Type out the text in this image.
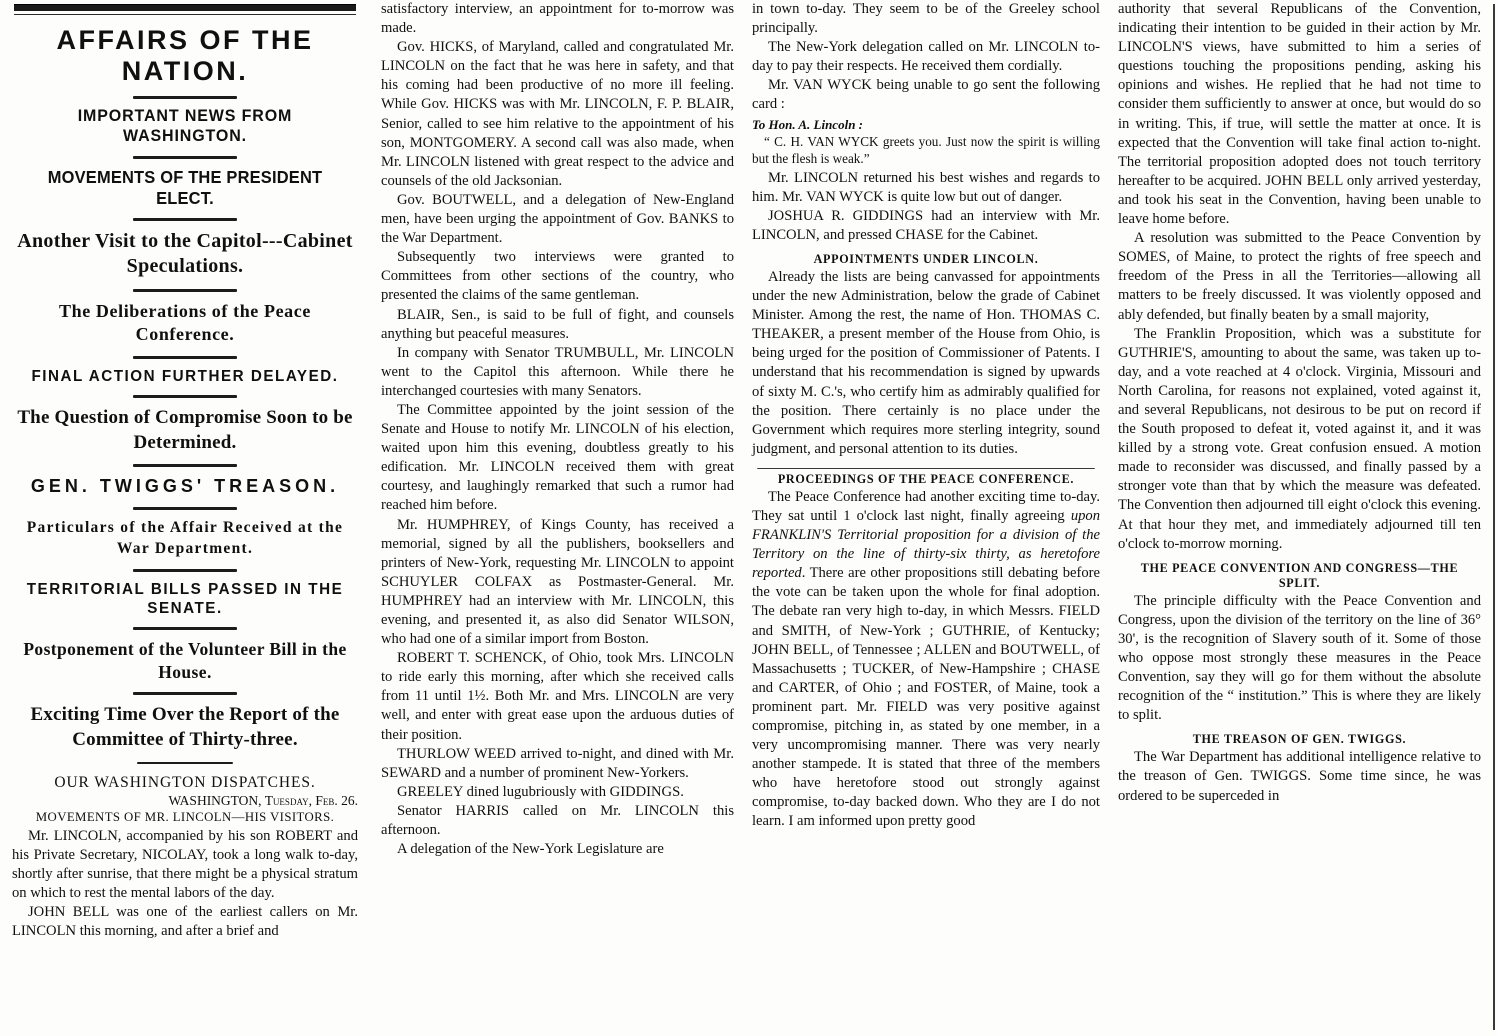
AFFAIRS OF THE NATION.
IMPORTANT NEWS FROM WASHINGTON.
MOVEMENTS OF THE PRESIDENT ELECT.
Another Visit to the Capitol---Cabinet Speculations.
The Deliberations of the Peace Conference.
FINAL ACTION FURTHER DELAYED.
The Question of Compromise Soon to be Determined.
GEN. TWIGGS' TREASON.
Particulars of the Affair Received at the War Department.
TERRITORIAL BILLS PASSED IN THE SENATE.
Postponement of the Volunteer Bill in the House.
Exciting Time Over the Report of the Committee of Thirty-three.
OUR WASHINGTON DISPATCHES.
WASHINGTON, Tuesday, Feb. 26.
MOVEMENTS OF MR. LINCOLN—HIS VISITORS.

Mr. LINCOLN, accompanied by his son ROBERT and his Private Secretary, NICOLAY, took a long walk to-day, shortly after sunrise, that there might be a physical stratum on which to rest the mental labors of the day.

JOHN BELL was one of the earliest callers on Mr. LINCOLN this morning, and after a brief and

satisfactory interview, an appointment for to-morrow was made.

Gov. HICKS, of Maryland, called and congratulated Mr. LINCOLN on the fact that he was here in safety, and that his coming had been productive of no more ill feeling. While Gov. HICKS was with Mr. LINCOLN, F. P. BLAIR, Senior, called to see him relative to the appointment of his son, MONTGOMERY. A second call was also made, when Mr. LINCOLN listened with great respect to the advice and counsels of the old Jacksonian.

Gov. BOUTWELL, and a delegation of New-England men, have been urging the appointment of Gov. BANKS to the War Department.

Subsequently two interviews were granted to Committees from other sections of the country, who presented the claims of the same gentleman.

BLAIR, Sen., is said to be full of fight, and counsels anything but peaceful measures.

In company with Senator TRUMBULL, Mr. LINCOLN went to the Capitol this afternoon. While there he interchanged courtesies with many Senators.

The Committee appointed by the joint session of the Senate and House to notify Mr. LINCOLN of his election, waited upon him this evening, doubtless greatly to his edification. Mr. LINCOLN received them with great courtesy, and laughingly remarked that such a rumor had reached him before.

Mr. HUMPHREY, of Kings County, has received a memorial, signed by all the publishers, booksellers and printers of New-York, requesting Mr. LINCOLN to appoint SCHUYLER COLFAX as Postmaster-General. Mr. HUMPHREY had an interview with Mr. LINCOLN, this evening, and presented it, as also did Senator WILSON, who had one of a similar import from Boston.

ROBERT T. SCHENCK, of Ohio, took Mrs. LINCOLN to ride early this morning, after which she received calls from 11 until 1½. Both Mr. and Mrs. LINCOLN are very well, and enter with great ease upon the arduous duties of their position.

THURLOW WEED arrived to-night, and dined with Mr. SEWARD and a number of prominent New-Yorkers.

GREELEY dined lugubriously with GIDDINGS.

Senator HARRIS called on Mr. LINCOLN this afternoon.

A delegation of the New-York Legislature are

in town to-day. They seem to be of the Greeley school principally.

The New-York delegation called on Mr. LINCOLN to-day to pay their respects. He received them cordially.

Mr. VAN WYCK being unable to go sent the following card :

To Hon. A. Lincoln :

“ C. H. VAN WYCK greets you. Just now the spirit is willing but the flesh is weak.”

Mr. LINCOLN returned his best wishes and regards to him. Mr. VAN WYCK is quite low but out of danger.

JOSHUA R. GIDDINGS had an interview with Mr. LINCOLN, and pressed CHASE for the Cabinet.

APPOINTMENTS UNDER LINCOLN.

Already the lists are being canvassed for appointments under the new Administration, below the grade of Cabinet Minister. Among the rest, the name of Hon. THOMAS C. THEAKER, a present member of the House from Ohio, is being urged for the position of Commissioner of Patents. I understand that his recommendation is signed by upwards of sixty M. C.'s, who certify him as admirably qualified for the position. There certainly is no place under the Government which requires more sterling integrity, sound judgment, and personal attention to its duties.

PROCEEDINGS OF THE PEACE CONFERENCE.

The Peace Conference had another exciting time to-day. They sat until 1 o'clock last night, finally agreeing upon FRANKLIN'S Territorial proposition for a division of the Territory on the line of thirty-six thirty, as heretofore reported. There are other propositions still debating before the vote can be taken upon the whole for final adoption. The debate ran very high to-day, in which Messrs. FIELD and SMITH, of New-York ; GUTHRIE, of Kentucky; JOHN BELL, of Tennessee ; ALLEN and BOUTWELL, of Massachusetts ; TUCKER, of New-Hampshire ; CHASE and CARTER, of Ohio ; and FOSTER, of Maine, took a prominent part. Mr. FIELD was very positive against compromise, pitching in, as stated by one member, in a very uncompromising manner. There was very nearly another stampede. It is stated that three of the members who have heretofore stood out strongly against compromise, to-day backed down. Who they are I do not learn. I am informed upon pretty good

authority that several Republicans of the Convention, indicating their intention to be guided in their action by Mr. LINCOLN'S views, have submitted to him a series of questions touching the propositions pending, asking his opinions and wishes. He replied that he had not time to consider them sufficiently to answer at once, but would do so in writing. This, if true, will settle the matter at once. It is expected that the Convention will take final action to-night. The territorial proposition adopted does not touch territory hereafter to be acquired. JOHN BELL only arrived yesterday, and took his seat in the Convention, having been unable to leave home before.

A resolution was submitted to the Peace Convention by SOMES, of Maine, to protect the rights of free speech and freedom of the Press in all the Territories—allowing all matters to be freely discussed. It was violently opposed and ably defended, but finally beaten by a small majority,

The Franklin Proposition, which was a substitute for GUTHRIE'S, amounting to about the same, was taken up to-day, and a vote reached at 4 o'clock. Virginia, Missouri and North Carolina, for reasons not explained, voted against it, and several Republicans, not desirous to be put on record if the South proposed to defeat it, voted against it, and it was killed by a strong vote. Great confusion ensued. A motion made to reconsider was discussed, and finally passed by a stronger vote than that by which the measure was defeated. The Convention then adjourned till eight o'clock this evening. At that hour they met, and immediately adjourned till ten o'clock to-morrow morning.

THE PEACE CONVENTION AND CONGRESS—THE SPLIT.

The principle difficulty with the Peace Convention and Congress, upon the division of the territory on the line of 36° 30', is the recognition of Slavery south of it. Some of those who oppose most strongly these measures in the Peace Convention, say they will go for them without the absolute recognition of the “ institution.” This is where they are likely to split.

THE TREASON OF GEN. TWIGGS.

The War Department has additional intelligence relative to the treason of Gen. TWIGGS. Some time since, he was ordered to be superceded in
